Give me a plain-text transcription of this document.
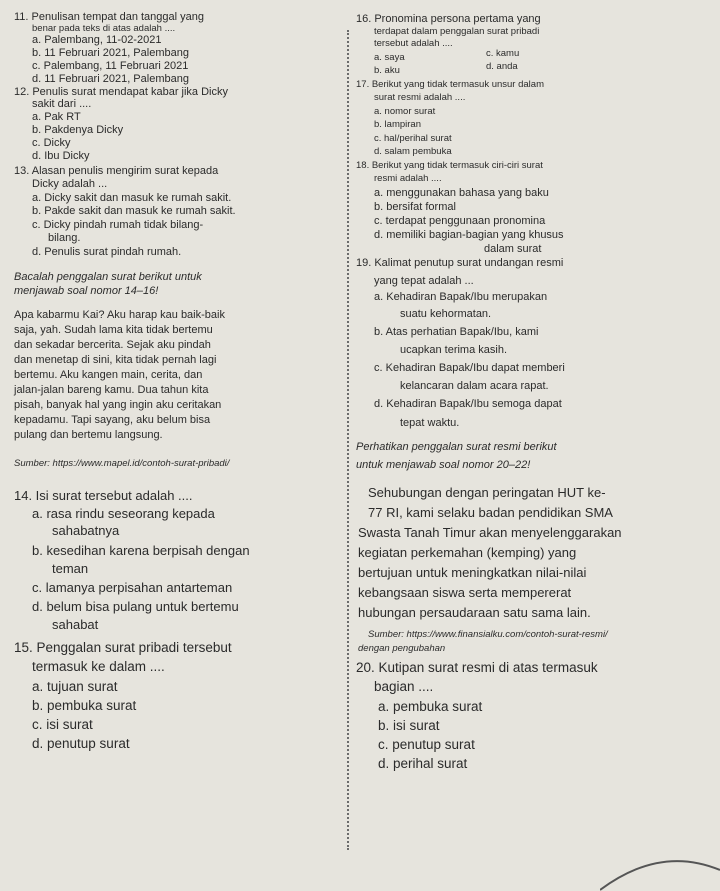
11. Penulisan tempat dan tanggal yang
benar pada teks di atas adalah ....
a. Palembang, 11-02-2021
b. 11 Februari 2021, Palembang
c. Palembang, 11 Februari 2021
d. 11 Februari 2021, Palembang
12. Penulis surat mendapat kabar jika Dicky
sakit dari ....
a. Pak RT
b. Pakdenya Dicky
c. Dicky
d. Ibu Dicky
13. Alasan penulis mengirim surat kepada
Dicky adalah ...
a. Dicky sakit dan masuk ke rumah sakit.
b. Pakde sakit dan masuk ke rumah sakit.
c. Dicky pindah rumah tidak bilang-
bilang.
d. Penulis surat pindah rumah.
Bacalah penggalan surat berikut untuk
menjawab soal nomor 14–16!
Apa kabarmu Kai? Aku harap kau baik-baik
saja, yah. Sudah lama kita tidak bertemu
dan sekadar bercerita. Sejak aku pindah
dan menetap di sini, kita tidak pernah lagi
bertemu. Aku kangen main, cerita, dan
jalan-jalan bareng kamu. Dua tahun kita
pisah, banyak hal yang ingin aku ceritakan
kepadamu. Tapi sayang, aku belum bisa
pulang dan bertemu langsung.
Sumber: https://www.mapel.id/contoh-surat-pribadi/
14. Isi surat tersebut adalah ....
a. rasa rindu seseorang kepada
sahabatnya
b. kesedihan karena berpisah dengan
teman
c. lamanya perpisahan antarteman
d. belum bisa pulang untuk bertemu
sahabat
15. Penggalan surat pribadi tersebut
termasuk ke dalam ....
a. tujuan surat
b. pembuka surat
c. isi surat
d. penutup surat
16. Pronomina persona pertama yang
terdapat dalam penggalan surat pribadi
tersebut adalah ....
a. saya
b. aku
c. kamu
d. anda
17. Berikut yang tidak termasuk unsur dalam
surat resmi adalah ....
a. nomor surat
b. lampiran
c. hal/perihal surat
d. salam pembuka
18. Berikut yang tidak termasuk ciri-ciri surat
resmi adalah ....
a. menggunakan bahasa yang baku
b. bersifat formal
c. terdapat penggunaan pronomina
d. memiliki bagian-bagian yang khusus
dalam surat
19. Kalimat penutup surat undangan resmi
yang tepat adalah ...
a. Kehadiran Bapak/Ibu merupakan
suatu kehormatan.
b. Atas perhatian Bapak/Ibu, kami
ucapkan terima kasih.
c. Kehadiran Bapak/Ibu dapat memberi
kelancaran dalam acara rapat.
d. Kehadiran Bapak/Ibu semoga dapat
tepat waktu.
Perhatikan penggalan surat resmi berikut
untuk menjawab soal nomor 20–22!
Sehubungan dengan peringatan HUT ke-
77 RI, kami selaku badan pendidikan SMA
Swasta Tanah Timur akan menyelenggarakan
kegiatan perkemahan (kemping) yang
bertujuan untuk meningkatkan nilai-nilai
kebangsaan siswa serta mempererat
hubungan persaudaraan satu sama lain.
Sumber: https://www.finansialku.com/contoh-surat-resmi/
dengan pengubahan
20. Kutipan surat resmi di atas termasuk
bagian ....
a. pembuka surat
b. isi surat
c. penutup surat
d. perihal surat
